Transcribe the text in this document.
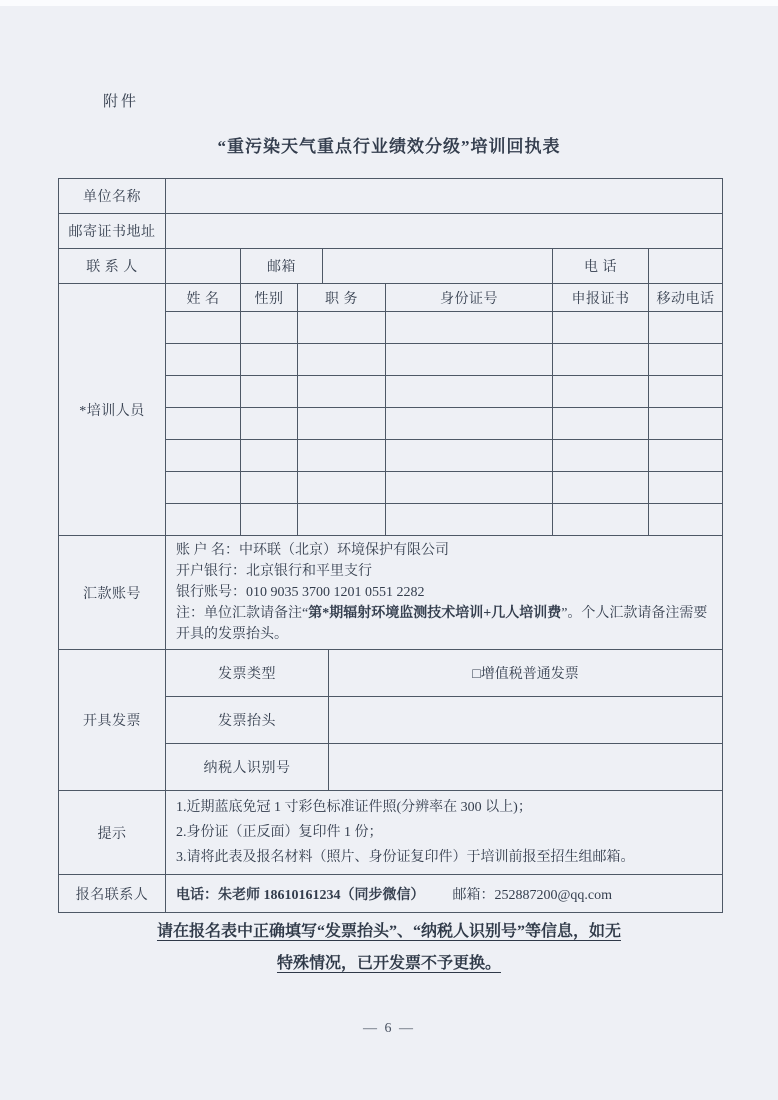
附件
“重污染天气重点行业绩效分级”培训回执表
单位名称								
邮寄证书地址								
联 系 人		邮箱					电 话	
*培训人员	姓 名	性别	职 务			身份证号	申报证书	移动电话

汇款账号	账 户 名：中环联（北京）环境保护有限公司
开户银行：北京银行和平里支行
银行账号：010 9035 3700 1201 0551 2282
注：单位汇款请备注“第*期辐射环境监测技术培训+几人培训费”。个人汇款请备注需要开具的发票抬头。							

开具发票	发票类型				□增值税普通发票			
	发票抬头							
	纳税人识别号							
提示	1.近期蓝底免冠 1 寸彩色标准证件照(分辨率在 300 以上)；
2.身份证（正反面）复印件 1 份；
3.请将此表及报名材料（照片、身份证复印件）于培训前报至招生组邮箱。							

报名联系人	电话：朱老师 18610161234（同步微信） 邮箱：252887200@qq.com							
请在报名表中正确填写“发票抬头”、“纳税人识别号”等信息，如无
特殊情况，已开发票不予更换。
— 6 —
